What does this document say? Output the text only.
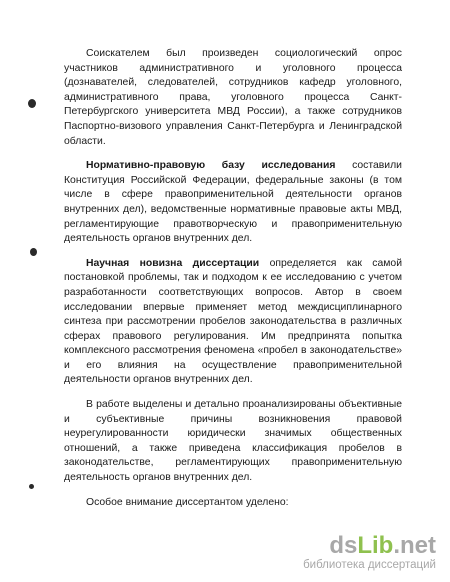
Соискателем был произведен социологический опрос участников административного и уголовного процесса (дознавателей, следователей, сотрудников кафедр уголовного, административного права, уголовного процесса Санкт-Петербургского университета МВД России), а также сотрудников Паспортно-визового управления Санкт-Петербурга и Ленинградской области.

Нормативно-правовую базу исследования составили Конституция Российской Федерации, федеральные законы (в том числе в сфере правоприменительной деятельности органов внутренних дел), ведомственные нормативные правовые акты МВД, регламентирующие правотворческую и правоприменительную деятельность органов внутренних дел.

Научная новизна диссертации определяется как самой постановкой проблемы, так и подходом к ее исследованию с учетом разработанности соответствующих вопросов. Автор в своем исследовании впервые применяет метод междисциплинарного синтеза при рассмотрении пробелов законодательства в различных сферах правового регулирования. Им предпринята попытка комплексного рассмотрения феномена «пробел в законодательстве» и его влияния на осуществление правоприменительной деятельности органов внутренних дел.

В работе выделены и детально проанализированы объективные и субъективные причины возникновения правовой неурегулированности юридически значимых общественных отношений, а также приведена классификация пробелов в законодательстве, регламентирующих правоприменительную деятельность органов внутренних дел.

Особое внимание диссертантом уделено:

dsLib.net
библиотека диссертаций
